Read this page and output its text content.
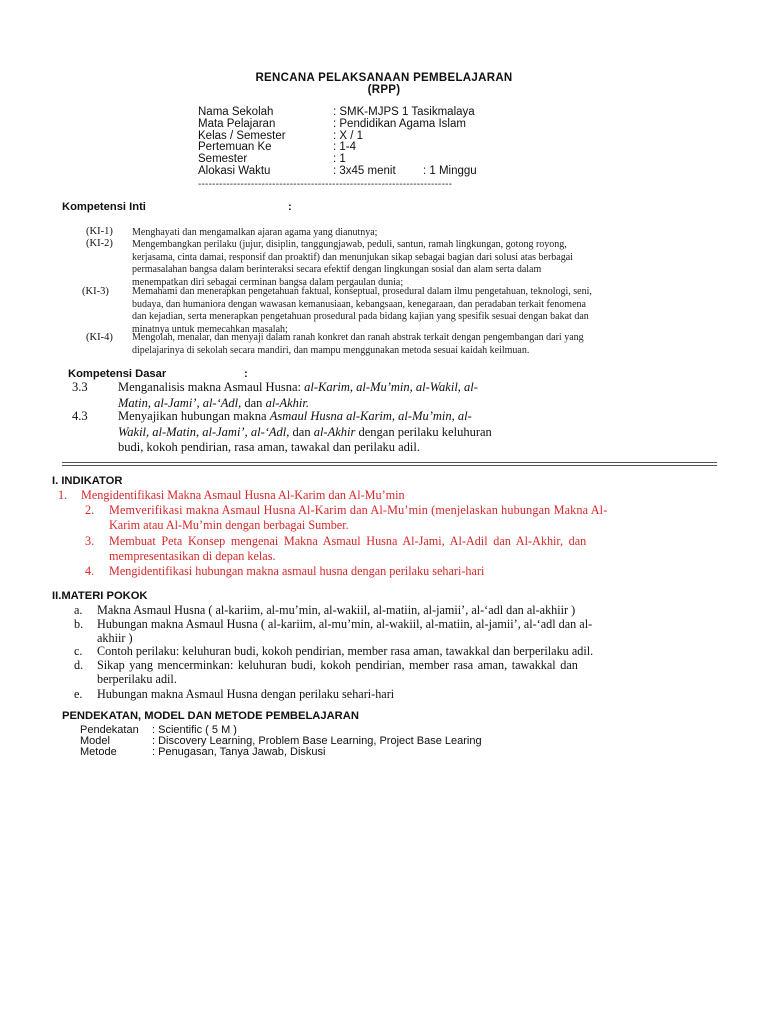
RENCANA PELAKSANAAN PEMBELAJARAN
(RPP)
Nama Sekolah	: SMK-MJPS 1 Tasikmalaya
Mata Pelajaran	: Pendidikan Agama Islam
Kelas / Semester	: X / 1
Pertemuan Ke	: 1-4
Semester	: 1
Alokasi Waktu	: 3x45 menit : 1 Minggu
------------------------------------------------------------------------
Kompetensi Inti	:
(KI-1) Menghayati dan mengamalkan ajaran agama yang dianutnya;
(KI-2) Mengembangkan perilaku (jujur, disiplin, tanggungjawab, peduli, santun, ramah lingkungan, gotong royong,
kerjasama, cinta damai, responsif dan proaktif) dan menunjukan sikap sebagai bagian dari solusi atas berbagai
permasalahan bangsa dalam berinteraksi secara efektif dengan lingkungan sosial dan alam serta dalam
menempatkan diri sebagai cerminan bangsa dalam pergaulan dunia;
(KI-3) Memahami dan menerapkan pengetahuan faktual, konseptual, prosedural dalam ilmu pengetahuan, teknologi, seni,
budaya, dan humaniora dengan wawasan kemanusiaan, kebangsaan, kenegaraan, dan peradaban terkait fenomena
dan kejadian, serta menerapkan pengetahuan prosedural pada bidang kajian yang spesifik sesuai dengan bakat dan
minatnya untuk memecahkan masalah;
(KI-4) Mengolah, menalar, dan menyaji dalam ranah konkret dan ranah abstrak terkait dengan pengembangan dari yang
dipelajarinya di sekolah secara mandiri, dan mampu menggunakan metoda sesuai kaidah keilmuan.
Kompetensi Dasar	:
3.3 Menganalisis makna Asmaul Husna: al-Karim, al-Mu’min, al-Wakil, al-
Matin, al-Jami’, al-‘Adl, dan al-Akhir.
4.3 Menyajikan hubungan makna Asmaul Husna al-Karim, al-Mu’min, al-
Wakil, al-Matin, al-Jami’, al-‘Adl, dan al-Akhir dengan perilaku keluhuran
budi, kokoh pendirian, rasa aman, tawakal dan perilaku adil.
I. INDIKATOR
1. Mengidentifikasi Makna Asmaul Husna Al-Karim dan Al-Mu’min
2. Memverifikasi makna Asmaul Husna Al-Karim dan Al-Mu’min (menjelaskan hubungan Makna Al-
Karim atau Al-Mu’min dengan berbagai Sumber.
3. Membuat Peta Konsep mengenai Makna Asmaul Husna Al-Jami, Al-Adil dan Al-Akhir, dan
mempresentasikan di depan kelas.
4. Mengidentifikasi hubungan makna asmaul husna dengan perilaku sehari-hari
II.MATERI POKOK
a. Makna Asmaul Husna ( al-kariim, al-mu’min, al-wakiil, al-matiin, al-jamii’, al-‘adl dan al-akhiir )
b. Hubungan makna Asmaul Husna ( al-kariim, al-mu’min, al-wakiil, al-matiin, al-jamii’, al-‘adl dan al-
akhiir )
c. Contoh perilaku: keluhuran budi, kokoh pendirian, member rasa aman, tawakkal dan berperilaku adil.
d. Sikap yang mencerminkan: keluhuran budi, kokoh pendirian, member rasa aman, tawakkal dan
berperilaku adil.
e. Hubungan makna Asmaul Husna dengan perilaku sehari-hari
PENDEKATAN, MODEL DAN METODE PEMBELAJARAN
Pendekatan : Scientific ( 5 M )
Model	: Discovery Learning, Problem Base Learning, Project Base Learing
Metode	: Penugasan, Tanya Jawab, Diskusi
